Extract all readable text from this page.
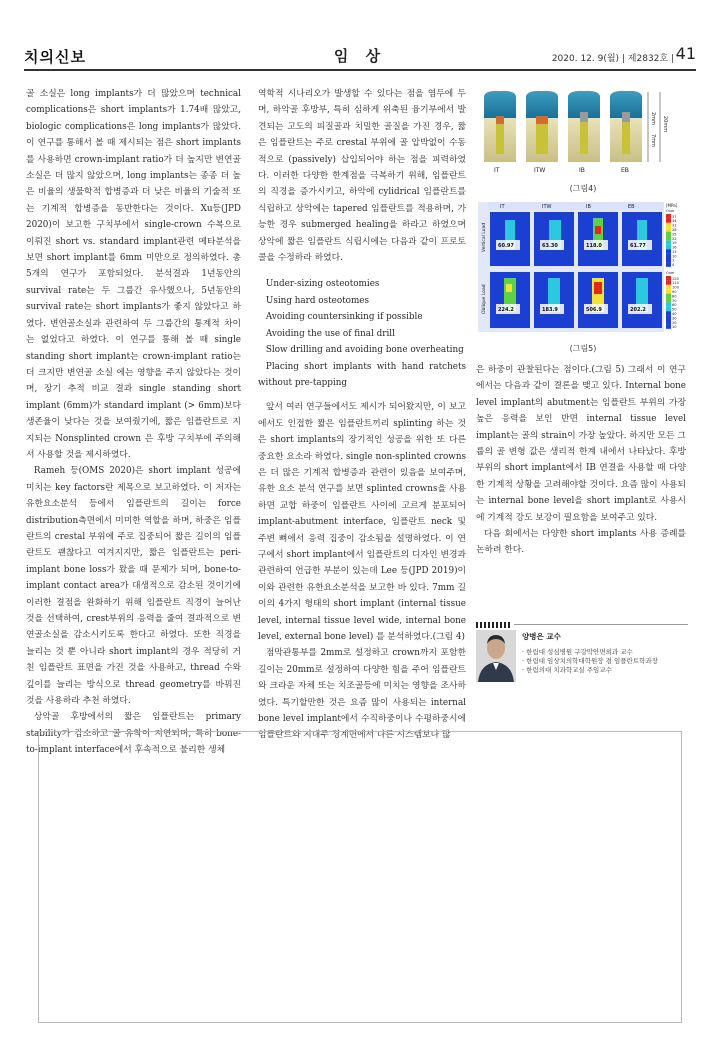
치의신보	임 상	2020. 12. 9(월) | 제2832호 | 41

골 소실은 long implants가 더 많았으며 technical complications은 short implants가 1.74배 많았고, biologic complications은 long implants가 많았다. 이 연구를 통해서 볼 때 제시되는 점은 short implants를 사용하면 crown-implant ratio가 더 높지만 변연골 소실은 더 많지 않았으며, long implants는 종종 더 높은 비율의 생물학적 합병증과 더 낮은 비율의 기술적 또는 기계적 합병증을 동반한다는 것이다. Xu등(JPD 2020)이 보고한 구치부에서 single-crown 수복으로 이뤄진 short vs. standard implant관련 메타분석을 보면 short implant를 6mm 미만으로 정의하였다. 총 5개의 연구가 포함되었다. 분석결과 1년동안의 survival rate는 두 그룹간 유사했으나, 5년동안의 survival rate는 short implants가 좋지 않았다고 하였다. 변연골소실과 관련하여 두 그룹간의 통계적 차이는 없었다고 하였다. 이 연구를 통해 볼 때 single standing short implant는 crown-implant ratio는 더 크지만 변연골 소실 에는 영향을 주지 않았다는 것이며, 장기 추적 비교 결과 single standing short implant (6mm)가 standard implant (> 6mm)보다 생존율이 낮다는 것을 보여줬기에, 짧은 임플란트로 지지되는 Nonsplinted crown 은 후방 구치부에 주의해서 사용할 것을 제시하였다.

Rameh 등(OMS 2020)은 short implant 성공에 미치는 key factors란 제목으로 보고하였다. 이 저자는 유한요소분석 등에서 임플란트의 길이는 force distribution측면에서 미미한 역할을 하며, 하중은 임플란트의 crestal 부위에 주로 집중되어 짧은 길이의 임플란트도 괜찮다고 여겨지지만, 짧은 임플란트는 peri-implant bone loss가 왔을 때 문제가 되며, bone-to-implant contact area가 대생적으로 감소된 것이기에 이러한 결점을 완화하기 위해 임플란트 직경이 늘어난 것을 선택하여, crest부위의 응력을 줄여 결과적으로 변연골소실을 감소시키도록 한다고 하였다. 또한 직경을 늘리는 것 뿐 아니라 short implant의 경우 적당히 거친 임플란트 표면을 가진 것을 사용하고, thread 수와 깊이를 늘리는 방식으로 thread geometry를 바꿔진 것을 사용하라 추천 하였다.

상악골 후방에서의 짧은 임플란트는 primary stability가 감소하고 골 유착이 지연되며, 특히 bone-to-implant interface에서 후속적으로 불리한 생체

역학적 시나리오가 발생할 수 있다는 점을 염두에 두며, 하악골 후방부, 특히 심하게 위축된 융기부에서 발견되는 고도의 피질골과 치밀한 골질을 가진 경우, 짧은 임플란트는 주로 crestal 부위에 골 압박없이 수동적으로 (passively) 삽입되어야 하는 점을 피력하였다. 이러한 다양한 한계점을 극복하기 위해, 임플란트의 직경을 증가시키고, 하악에 cylidrical 임플란트를 식립하고 상악에는 tapered 임플란트를 적용하며, 가능한 경우 submerged healing을 하라고 하였으며 상악에 짧은 임플란트 식립시에는 다음과 같이 프로토콜을 수정하라 하였다.

Under-sizing osteotomies
Using hard osteotomes
Avoiding countersinking if possible
Avoiding the use of final drill
Slow drilling and avoiding bone overheating
Placing short implants with hand ratchets without pre-tapping

앞서 여러 연구들에서도 제시가 되어왔지만, 이 보고에서도 인접한 짧은 임플란트끼리 splinting 하는 것은 short implants의 장기적인 성공을 위한 또 다른 중요한 요소라 하였다. single non-splinted crowns은 더 많은 기계적 합병증과 관련이 있음을 보여주며, 유한 요소 분석 연구를 보면 splinted crowns을 사용하면 교합 하중이 임플란트 사이에 고르게 분포되어 implant-abutment interface, 임플란트 neck 및 주변 뼈에서 응력 집중이 감소됨을 설명하였다. 이 연구에서 short implant에서 임플란트의 디자인 변경과 관련하여 언급한 부분이 있는데 Lee 등(JPD 2019)이 이와 관련한 유한요소분석을 보고한 바 있다. 7mm 길이의 4가지 형태의 short implant (internal tissue level, internal tissue level wide, internal bone level, external bone level) 를 분석하였다.(그림 4)

점막관통부를 2mm로 설정하고 crown까지 포함한 길이는 20mm로 설정하여 다양한 힘을 주어 임플란트와 크라운 자체 또는 치조골등에 미치는 영향을 조사하였다. 특기할만한 것은 요즘 많이 사용되는 internal bone level implant에서 수직하중이나 수평하중시에 임플란트와 지대주 경계면에서 다른 시스템보다 많

IT	ITW	IB	EB
2mm
7mm
20mm
(그림4)
IT	ITW	IB	EB
Vertical Load
Oblique Load
60.97	63.30	118.0	61.77
224.2	183.9	506.9	202.2
37
34
31
28
25
22
19
16
13
10
7
4
120
110
100
90
80
70
60
50
40
30
20
10
[MPa]
Over
Over
(그림5)

은 하중이 관찰된다는 점이다.(그림 5) 그래서 이 연구에서는 다음과 같이 결론을 맺고 있다. Internal bone level implant의 abutment는 임플란트 부위의 가장 높은 응력을 보인 반면 internal tissue level implant는 골의 strain이 가장 높았다. 하지만 모든 그룹의 골 변형 값은 생리적 한계 내에서 나타났다. 후방 부위의 short implant에서 IB 연결을 사용할 때 다양한 기계적 상황을 고려해야할 것이다. 요즘 많이 사용되는 internal bone level을 short implant로 사용시에 기계적 강도 보강이 필요함을 보여주고 있다.

다음 회에서는 다양한 short implants 사용 증례를 논하려 한다.

양병은 교수
· 한림대 성심병원 구강악안면외과 교수
· 한림대 임상치의학대학원장 겸 임플란트학과장
· 한림의대 치과학교실 주임교수
